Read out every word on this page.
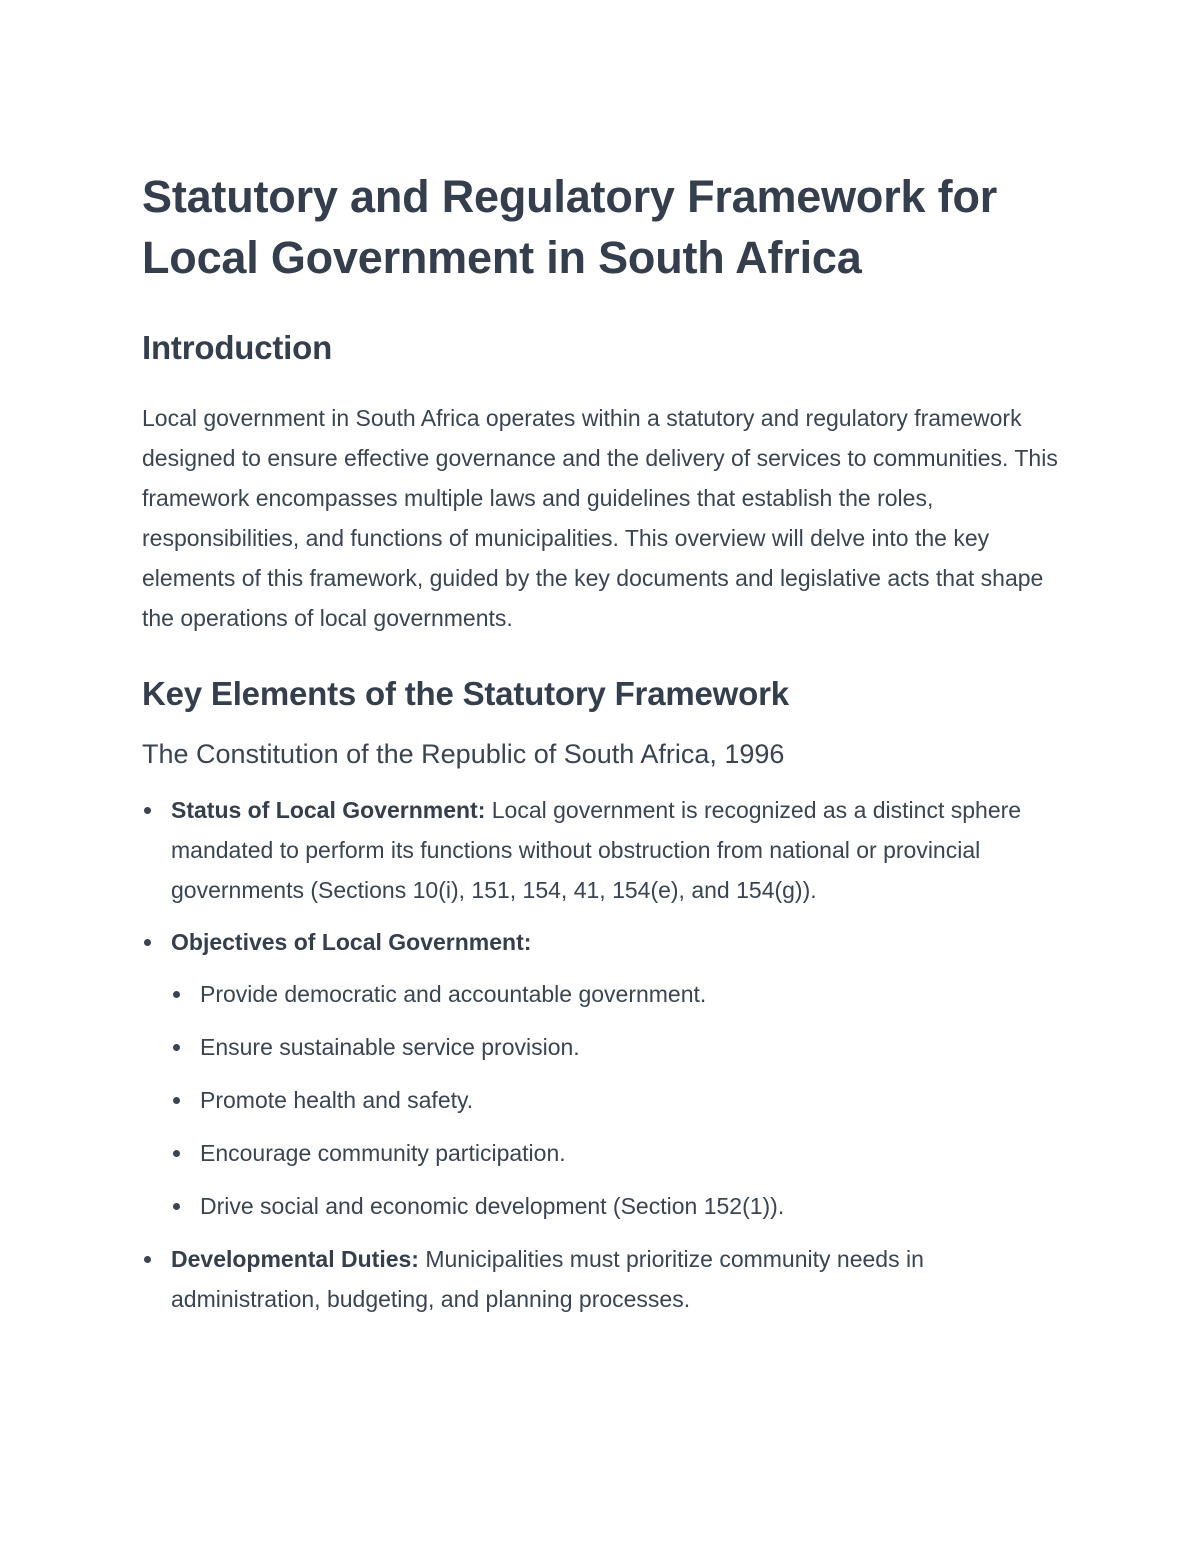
Statutory and Regulatory Framework for Local Government in South Africa
Introduction

Local government in South Africa operates within a statutory and regulatory framework designed to ensure effective governance and the delivery of services to communities. This framework encompasses multiple laws and guidelines that establish the roles, responsibilities, and functions of municipalities. This overview will delve into the key elements of this framework, guided by the key documents and legislative acts that shape the operations of local governments.

Key Elements of the Statutory Framework
The Constitution of the Republic of South Africa, 1996
Status of Local Government: Local government is recognized as a distinct sphere mandated to perform its functions without obstruction from national or provincial governments (Sections 10(i), 151, 154, 41, 154(e), and 154(g)).
Objectives of Local Government:
Provide democratic and accountable government.
Ensure sustainable service provision.
Promote health and safety.
Encourage community participation.
Drive social and economic development (Section 152(1)).
Developmental Duties: Municipalities must prioritize community needs in administration, budgeting, and planning processes.
